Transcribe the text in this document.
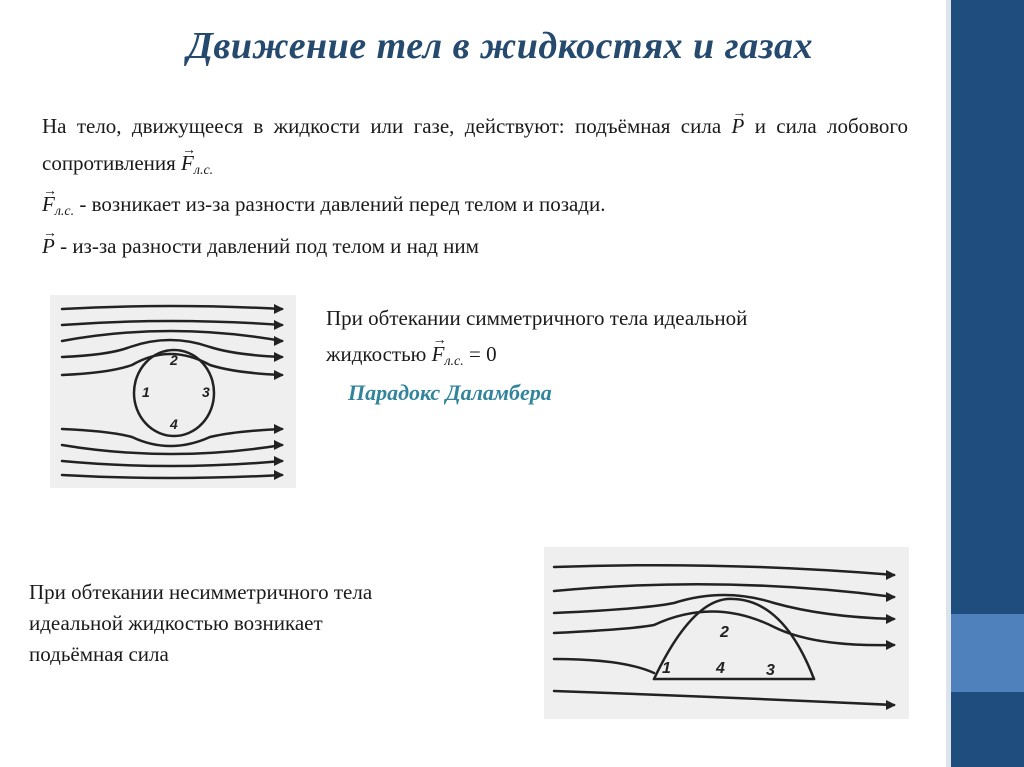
Движение тел в жидкостях и газах
На тело, движущееся в жидкости или газе, действуют: подъёмная сила → P и сила лобового сопротивления → $F_{л.с.}$
→ $F_{л.с.}$ - возникает из-за разности давлений перед телом и позади.
→ P - из-за разности давлений под телом и над ним
1
2
3
4
При обтекании симметричного тела идеальной
жидкостью → $F_{л.с.} = 0$
Парадокс Даламбера
1
2
4	3
При обтекании несимметричного тела
идеальной жидкостью возникает
подьёмная сила
